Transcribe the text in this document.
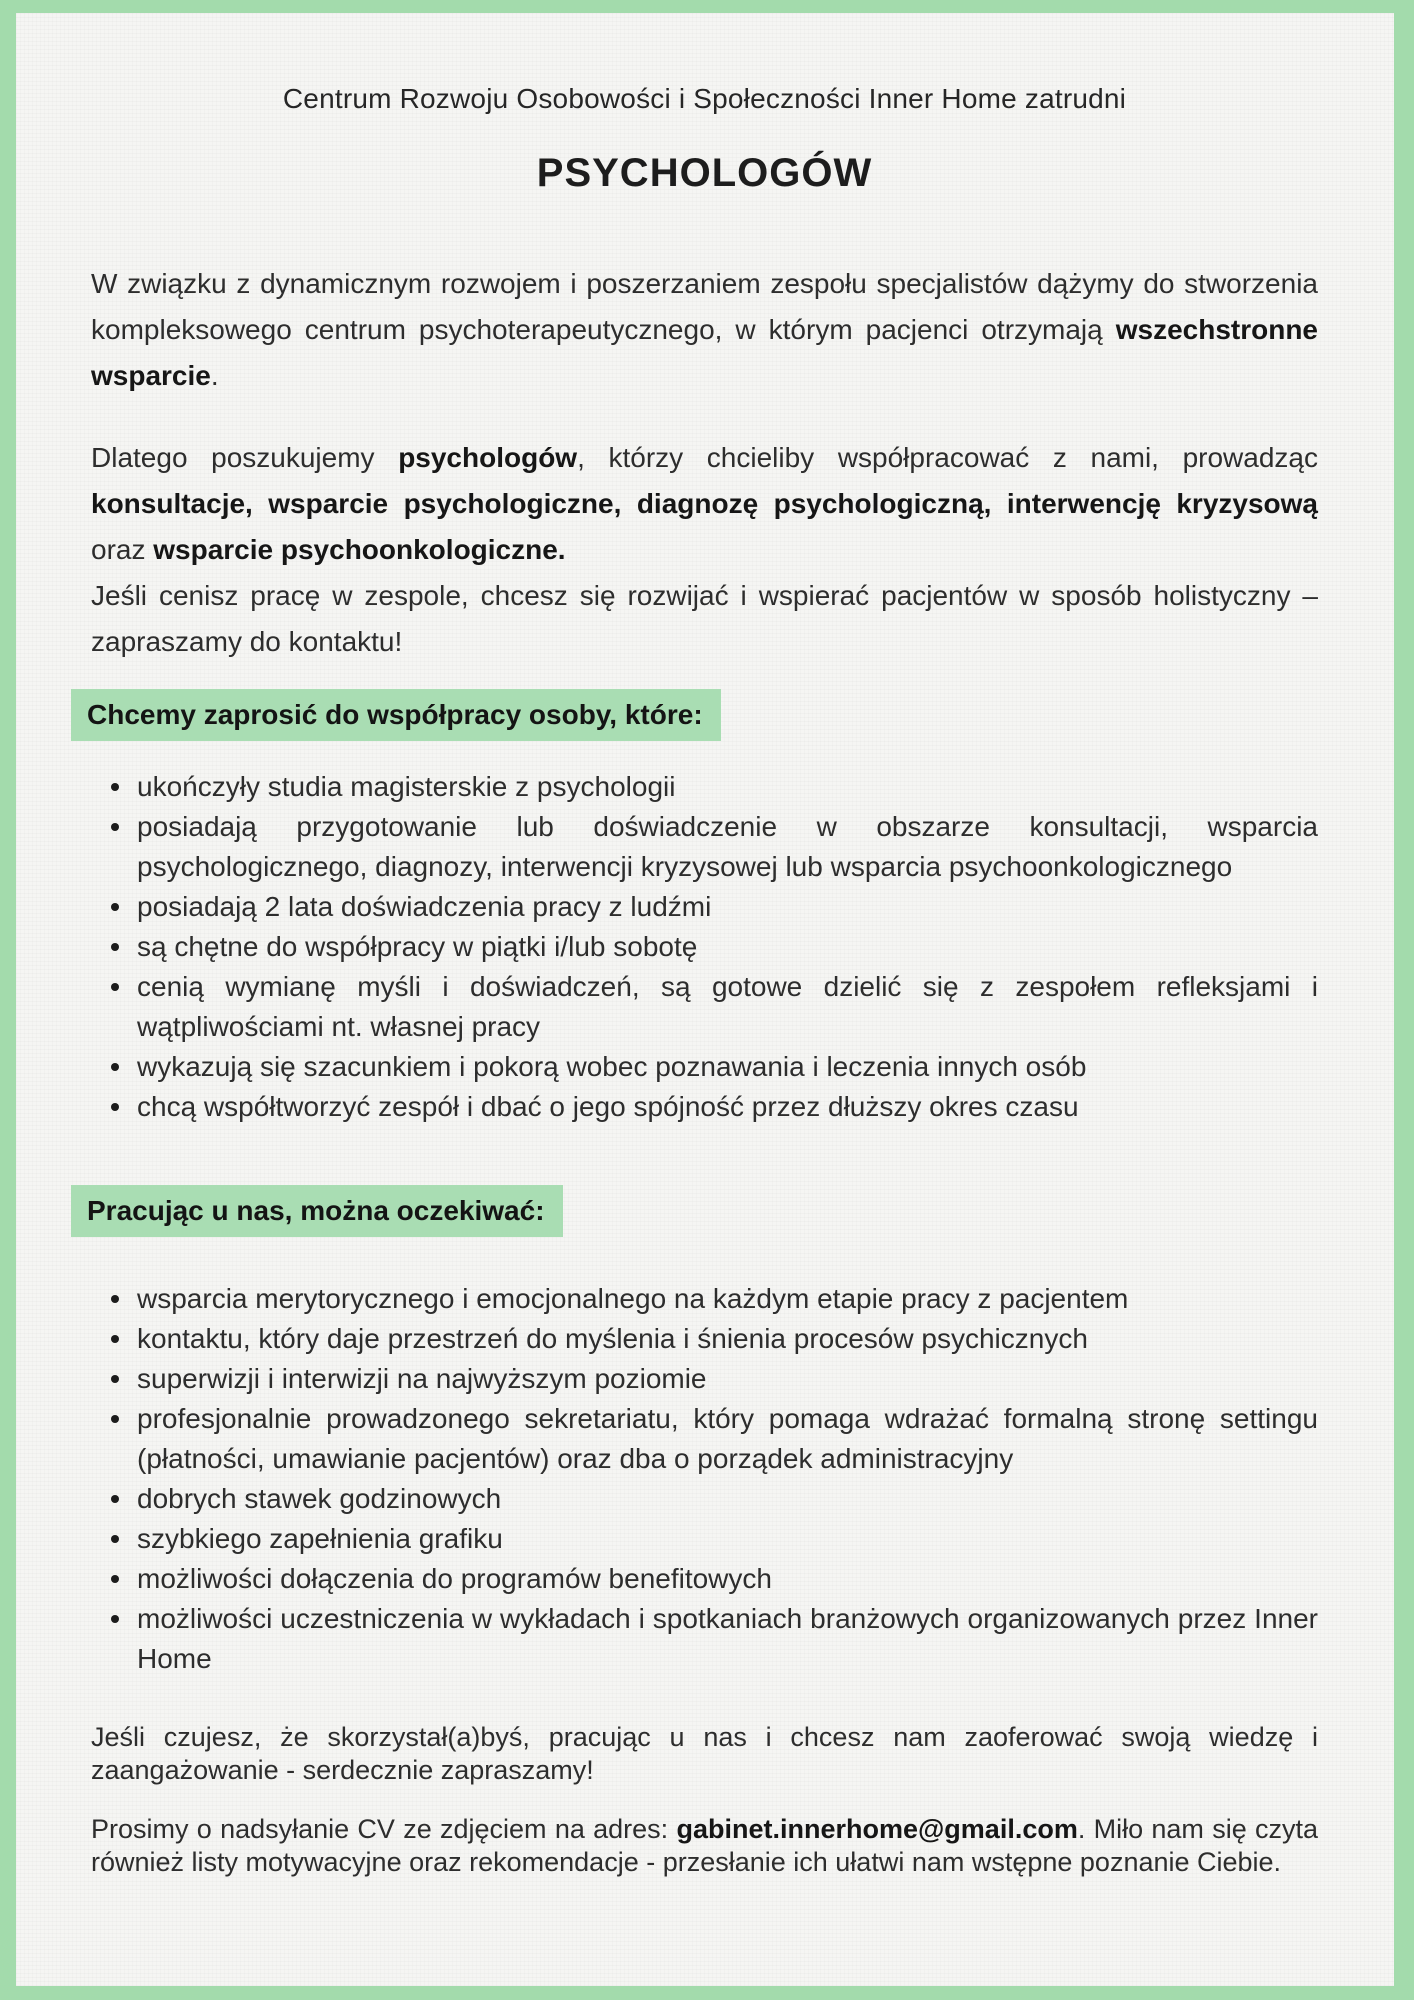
Centrum Rozwoju Osobowości i Społeczności Inner Home zatrudni
PSYCHOLOGÓW

W związku z dynamicznym rozwojem i poszerzaniem zespołu specjalistów dążymy do stworzenia kompleksowego centrum psychoterapeutycznego, w którym pacjenci otrzymają wszechstronne wsparcie.

Dlatego poszukujemy psychologów, którzy chcieliby współpracować z nami, prowadząc konsultacje, wsparcie psychologiczne, diagnozę psychologiczną, interwencję kryzysową oraz wsparcie psychoonkologiczne.

Jeśli cenisz pracę w zespole, chcesz się rozwijać i wspierać pacjentów w sposób holistyczny – zapraszamy do kontaktu!

Chcemy zaprosić do współpracy osoby, które:
ukończyły studia magisterskie z psychologii
posiadają przygotowanie lub doświadczenie w obszarze konsultacji, wsparcia psychologicznego, diagnozy, interwencji kryzysowej lub wsparcia psychoonkologicznego
posiadają 2 lata doświadczenia pracy z ludźmi
są chętne do współpracy w piątki i/lub sobotę
cenią wymianę myśli i doświadczeń, są gotowe dzielić się z zespołem refleksjami i wątpliwościami nt. własnej pracy
wykazują się szacunkiem i pokorą wobec poznawania i leczenia innych osób
chcą współtworzyć zespół i dbać o jego spójność przez dłuższy okres czasu
Pracując u nas, można oczekiwać:
wsparcia merytorycznego i emocjonalnego na każdym etapie pracy z pacjentem
kontaktu, który daje przestrzeń do myślenia i śnienia procesów psychicznych
superwizji i interwizji na najwyższym poziomie
profesjonalnie prowadzonego sekretariatu, który pomaga wdrażać formalną stronę settingu (płatności, umawianie pacjentów) oraz dba o porządek administracyjny
dobrych stawek godzinowych
szybkiego zapełnienia grafiku
możliwości dołączenia do programów benefitowych
możliwości uczestniczenia w wykładach i spotkaniach branżowych organizowanych przez Inner Home

Jeśli czujesz, że skorzystał(a)byś, pracując u nas i chcesz nam zaoferować swoją wiedzę i zaangażowanie - serdecznie zapraszamy!

Prosimy o nadsyłanie CV ze zdjęciem na adres: gabinet.innerhome@gmail.com. Miło nam się czyta również listy motywacyjne oraz rekomendacje - przesłanie ich ułatwi nam wstępne poznanie Ciebie.
